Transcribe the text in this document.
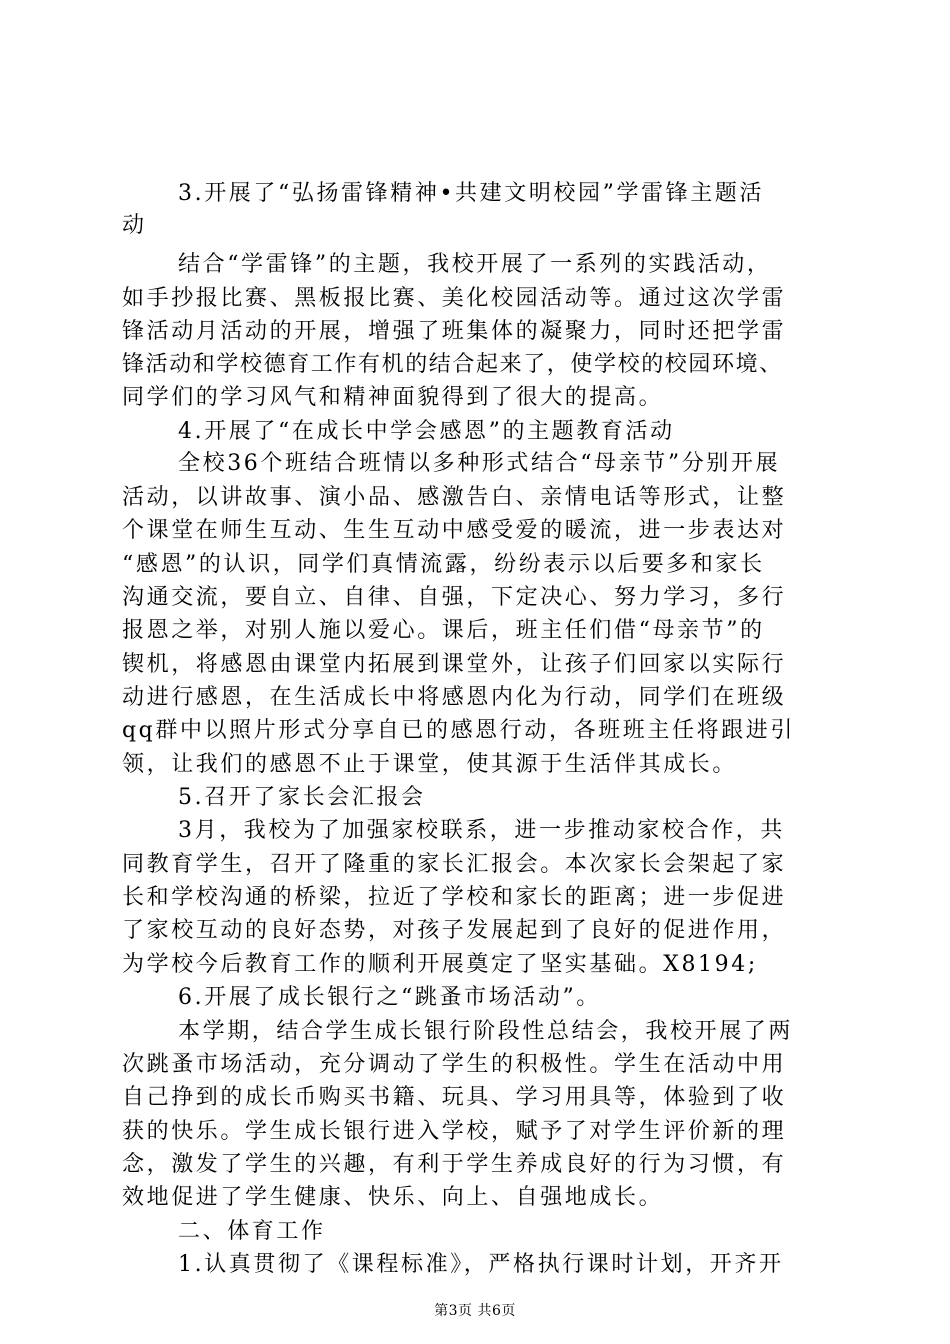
3.开展了“弘扬雷锋精神•共建文明校园”学雷锋主题活
动
结合“学雷锋”的主题，我校开展了一系列的实践活动，
如手抄报比赛、黑板报比赛、美化校园活动等。通过这次学雷
锋活动月活动的开展，增强了班集体的凝聚力，同时还把学雷
锋活动和学校德育工作有机的结合起来了，使学校的校园环境、
同学们的学习风气和精神面貌得到了很大的提高。
4.开展了“在成长中学会感恩”的主题教育活动
全校36个班结合班情以多种形式结合“母亲节”分别开展
活动，以讲故事、演小品、感激告白、亲情电话等形式，让整
个课堂在师生互动、生生互动中感受爱的暖流，进一步表达对
“感恩”的认识，同学们真情流露，纷纷表示以后要多和家长
沟通交流，要自立、自律、自强，下定决心、努力学习，多行
报恩之举，对别人施以爱心。课后，班主任们借“母亲节”的
锲机，将感恩由课堂内拓展到课堂外，让孩子们回家以实际行
动进行感恩，在生活成长中将感恩内化为行动，同学们在班级
qq群中以照片形式分享自已的感恩行动，各班班主任将跟进引
领，让我们的感恩不止于课堂，使其源于生活伴其成长。
5.召开了家长会汇报会
3月，我校为了加强家校联系，进一步推动家校合作，共
同教育学生，召开了隆重的家长汇报会。本次家长会架起了家
长和学校沟通的桥梁，拉近了学校和家长的距离；进一步促进
了家校互动的良好态势，对孩子发展起到了良好的促进作用，
为学校今后教育工作的顺利开展奠定了坚实基础。X8194;
6.开展了成长银行之“跳蚤市场活动”。
本学期，结合学生成长银行阶段性总结会，我校开展了两
次跳蚤市场活动，充分调动了学生的积极性。学生在活动中用
自己挣到的成长币购买书籍、玩具、学习用具等，体验到了收
获的快乐。学生成长银行进入学校，赋予了对学生评价新的理
念，激发了学生的兴趣，有利于学生养成良好的行为习惯，有
效地促进了学生健康、快乐、向上、自强地成长。
二、体育工作
1.认真贯彻了《课程标准》，严格执行课时计划，开齐开
第3页 共6页
